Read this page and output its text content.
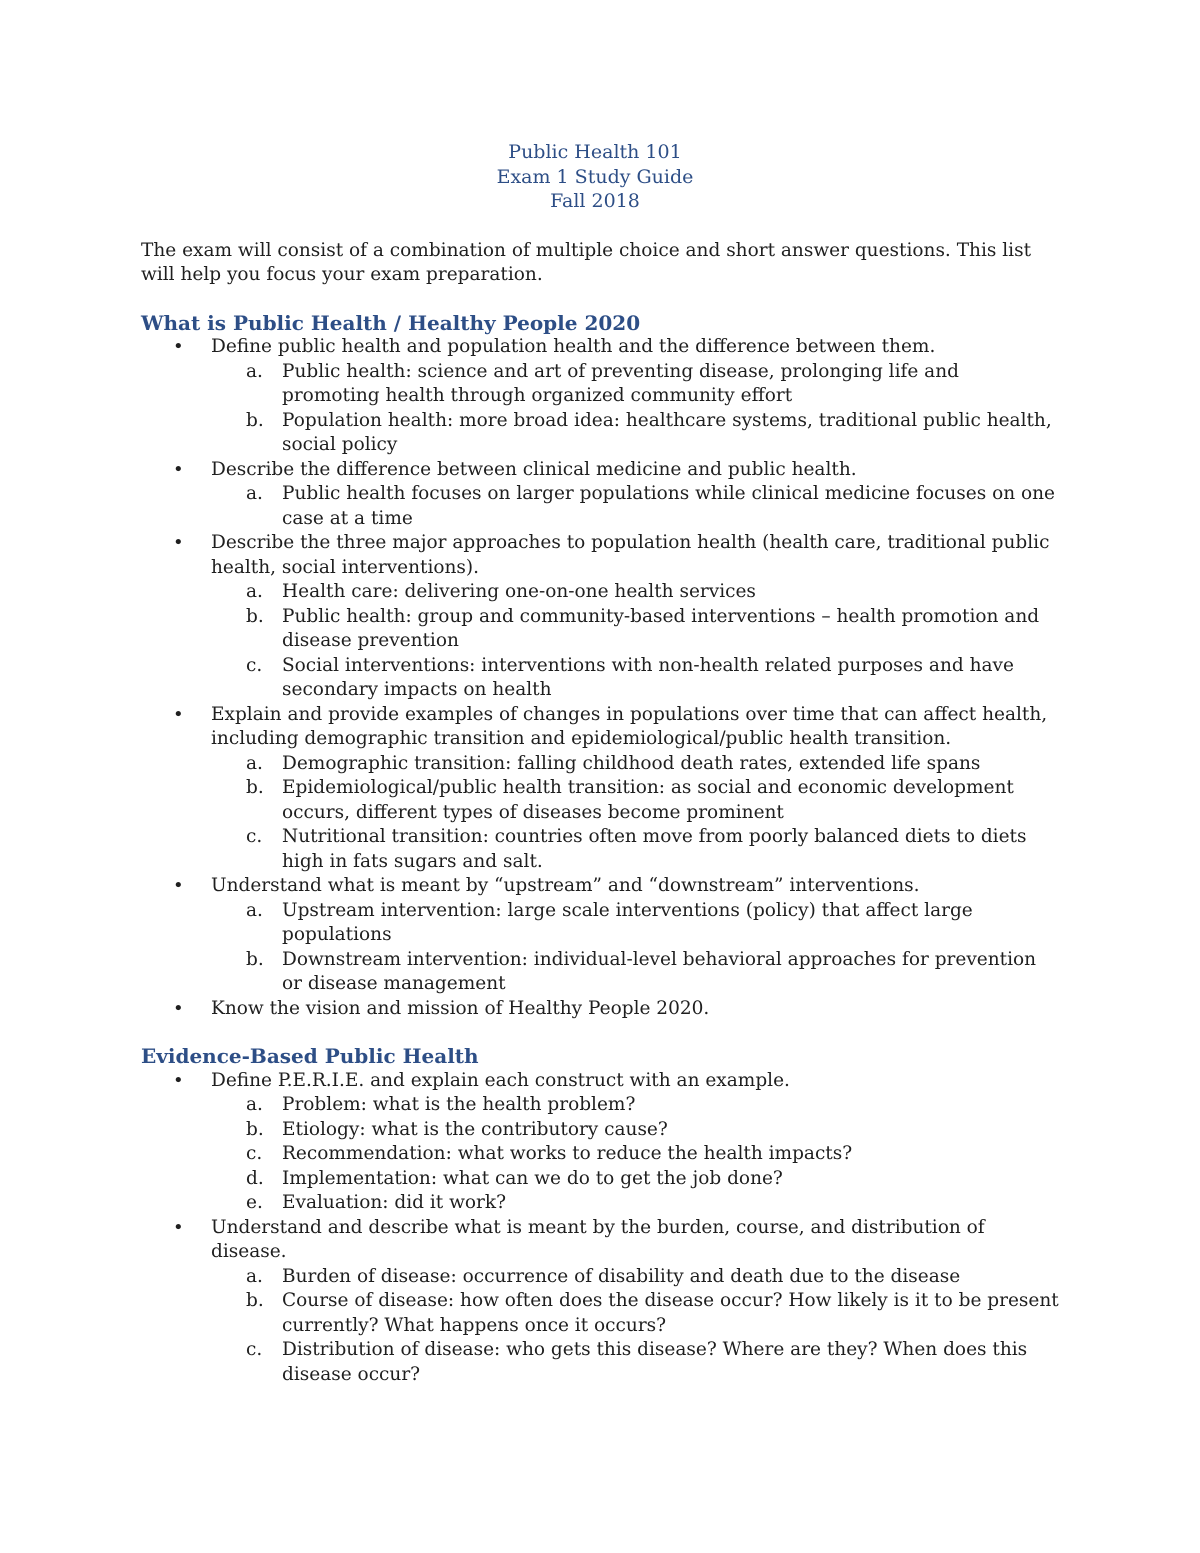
Public Health 101
Exam 1 Study Guide
Fall 2018

The exam will consist of a combination of multiple choice and short answer questions. This list will help you focus your exam preparation.

What is Public Health / Healthy People 2020
• Define public health and population health and the difference between them.
a. Public health: science and art of preventing disease, prolonging life and promoting health through organized community effort
b. Population health: more broad idea: healthcare systems, traditional public health, social policy
• Describe the difference between clinical medicine and public health.
a. Public health focuses on larger populations while clinical medicine focuses on one case at a time
• Describe the three major approaches to population health (health care, traditional public health, social interventions).
a. Health care: delivering one-on-one health services
b. Public health: group and community-based interventions – health promotion and disease prevention
c. Social interventions: interventions with non-health related purposes and have secondary impacts on health
• Explain and provide examples of changes in populations over time that can affect health, including demographic transition and epidemiological/public health transition.
a. Demographic transition: falling childhood death rates, extended life spans
b. Epidemiological/public health transition: as social and economic development occurs, different types of diseases become prominent
c. Nutritional transition: countries often move from poorly balanced diets to diets high in fats sugars and salt.
• Understand what is meant by “upstream” and “downstream” interventions.
a. Upstream intervention: large scale interventions (policy) that affect large populations
b. Downstream intervention: individual-level behavioral approaches for prevention or disease management
• Know the vision and mission of Healthy People 2020.
Evidence-Based Public Health
• Define P.E.R.I.E. and explain each construct with an example.
a. Problem: what is the health problem?
b. Etiology: what is the contributory cause?
c. Recommendation: what works to reduce the health impacts?
d. Implementation: what can we do to get the job done?
e. Evaluation: did it work?
• Understand and describe what is meant by the burden, course, and distribution of disease.
a. Burden of disease: occurrence of disability and death due to the disease
b. Course of disease: how often does the disease occur? How likely is it to be present currently? What happens once it occurs?
c. Distribution of disease: who gets this disease? Where are they? When does this disease occur?
